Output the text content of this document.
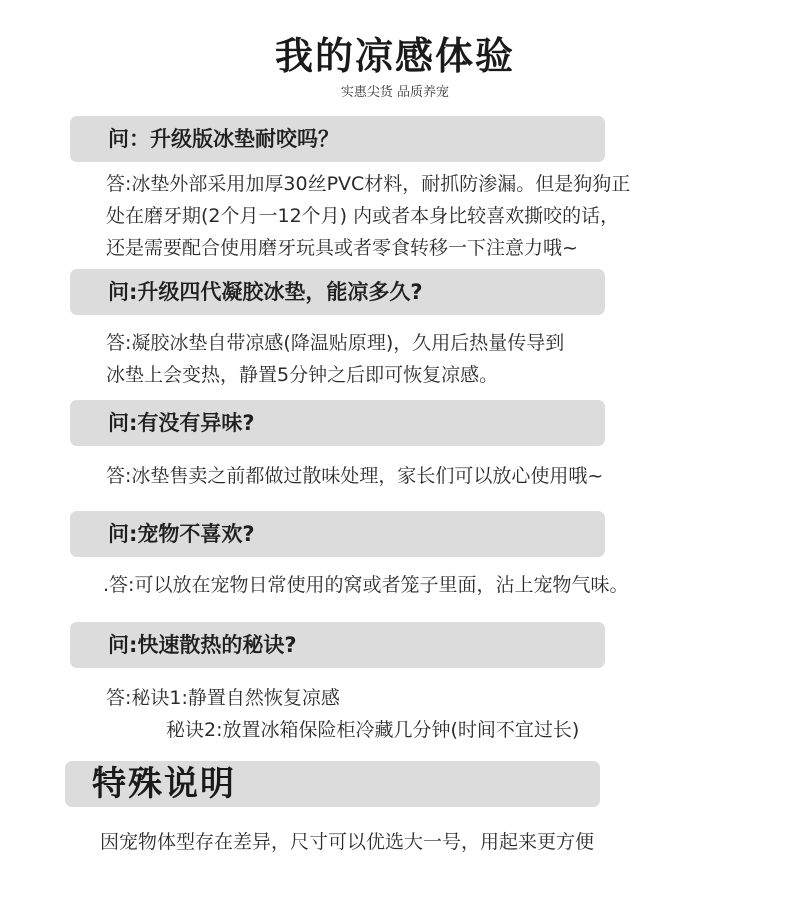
我的凉感体验
实惠尖货 品质养宠
问：升级版冰垫耐咬吗？
答:冰垫外部采用加厚30丝PVC材料，耐抓防渗漏。但是狗狗正
处在磨牙期(2个月一12个月) 内或者本身比较喜欢撕咬的话，
还是需要配合使用磨牙玩具或者零食转移一下注意力哦~
问:升级四代凝胶冰垫，能凉多久?
答:凝胶冰垫自带凉感(降温贴原理)，久用后热量传导到
冰垫上会变热，静置5分钟之后即可恢复凉感。
问:有没有异味?
答:冰垫售卖之前都做过散味处理，家长们可以放心使用哦~
问:宠物不喜欢?
.答:可以放在宠物日常使用的窝或者笼子里面，沾上宠物气味。
问:快速散热的秘诀?
答:秘诀1:静置自然恢复凉感
秘诀2:放置冰箱保险柜冷藏几分钟(时间不宜过长)
特殊说明
因宠物体型存在差异，尺寸可以优选大一号，用起来更方便
